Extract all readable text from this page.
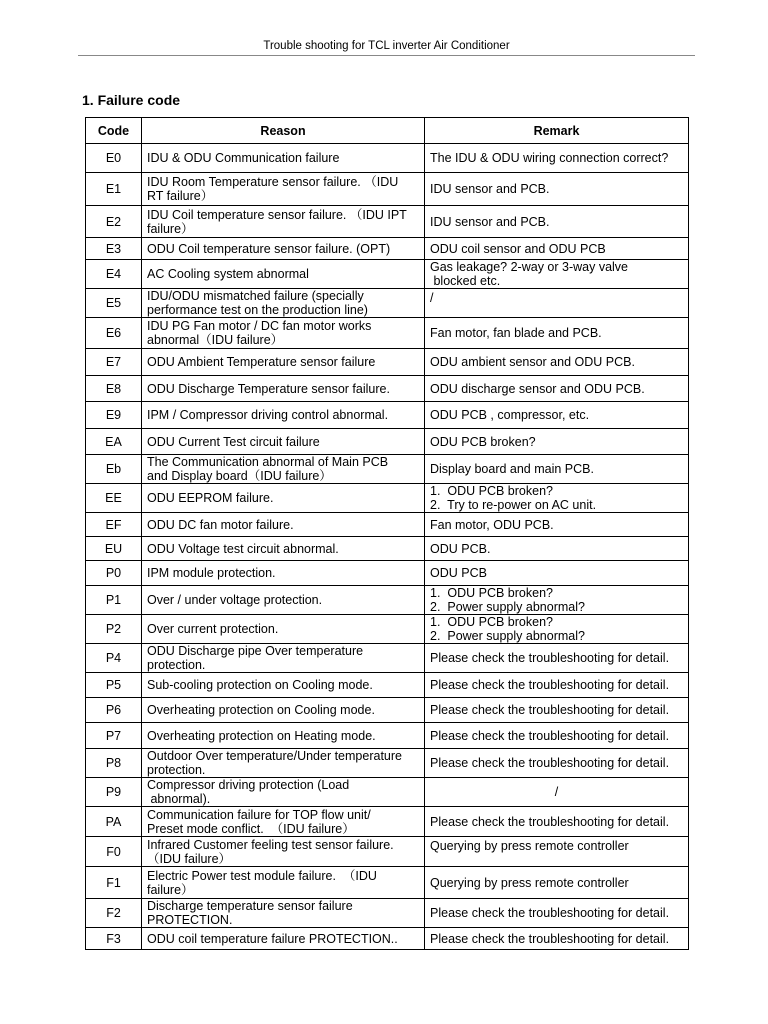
Trouble shooting for TCL inverter Air Conditioner
1. Failure code
Code	Reason	Remark
E0	IDU & ODU Communication failure	The IDU & ODU wiring connection correct?

E1	IDU Room Temperature sensor failure. （IDU
RT failure）	IDU sensor and PCB.

E2	IDU Coil temperature sensor failure. （IDU IPT
failure）	IDU sensor and PCB.

E3	ODU Coil temperature sensor failure. (OPT)	ODU coil sensor and ODU PCB

E4	AC Cooling system abnormal	Gas leakage? 2-way or 3-way valve
blocked etc.

E5	IDU/ODU mismatched failure (specially
performance test on the production line)	/

E6	IDU PG Fan motor / DC fan motor works
abnormal（IDU failure）	Fan motor, fan blade and PCB.

E7	ODU Ambient Temperature sensor failure	ODU ambient sensor and ODU PCB.

E8	ODU Discharge Temperature sensor failure.	ODU discharge sensor and ODU PCB.

E9	IPM / Compressor driving control abnormal.	ODU PCB , compressor, etc.

EA	ODU Current Test circuit failure	ODU PCB broken?

Eb	The Communication abnormal of Main PCB
and Display board（IDU failure）	Display board and main PCB.

EE	ODU EEPROM failure.	1.  ODU PCB broken?
2.  Try to re-power on AC unit.

EF	ODU DC fan motor failure.	Fan motor, ODU PCB.

EU	ODU Voltage test circuit abnormal.	ODU PCB.

P0	IPM module protection.	ODU PCB

P1	Over / under voltage protection.	1.  ODU PCB broken?
2.  Power supply abnormal?

P2	Over current protection.	1.  ODU PCB broken?
2.  Power supply abnormal?

P4	ODU Discharge pipe Over temperature
protection.	Please check the troubleshooting for detail.

P5	Sub-cooling protection on Cooling mode.	Please check the troubleshooting for detail.

P6	Overheating protection on Cooling mode.	Please check the troubleshooting for detail.

P7	Overheating protection on Heating mode.	Please check the troubleshooting for detail.

P8	Outdoor Over temperature/Under temperature
protection.	Please check the troubleshooting for detail.

P9	Compressor driving protection (Load
abnormal).	/

PA	Communication failure for TOP flow unit/
Preset mode conflict.  （IDU failure）	Please check the troubleshooting for detail.

F0	Infrared Customer feeling test sensor failure.
（IDU failure）	Querying by press remote controller

F1	Electric Power test module failure.  （IDU
failure）	Querying by press remote controller

F2	Discharge temperature sensor failure
PROTECTION.	Please check the troubleshooting for detail.

F3	ODU coil temperature failure PROTECTION..	Please check the troubleshooting for detail.
